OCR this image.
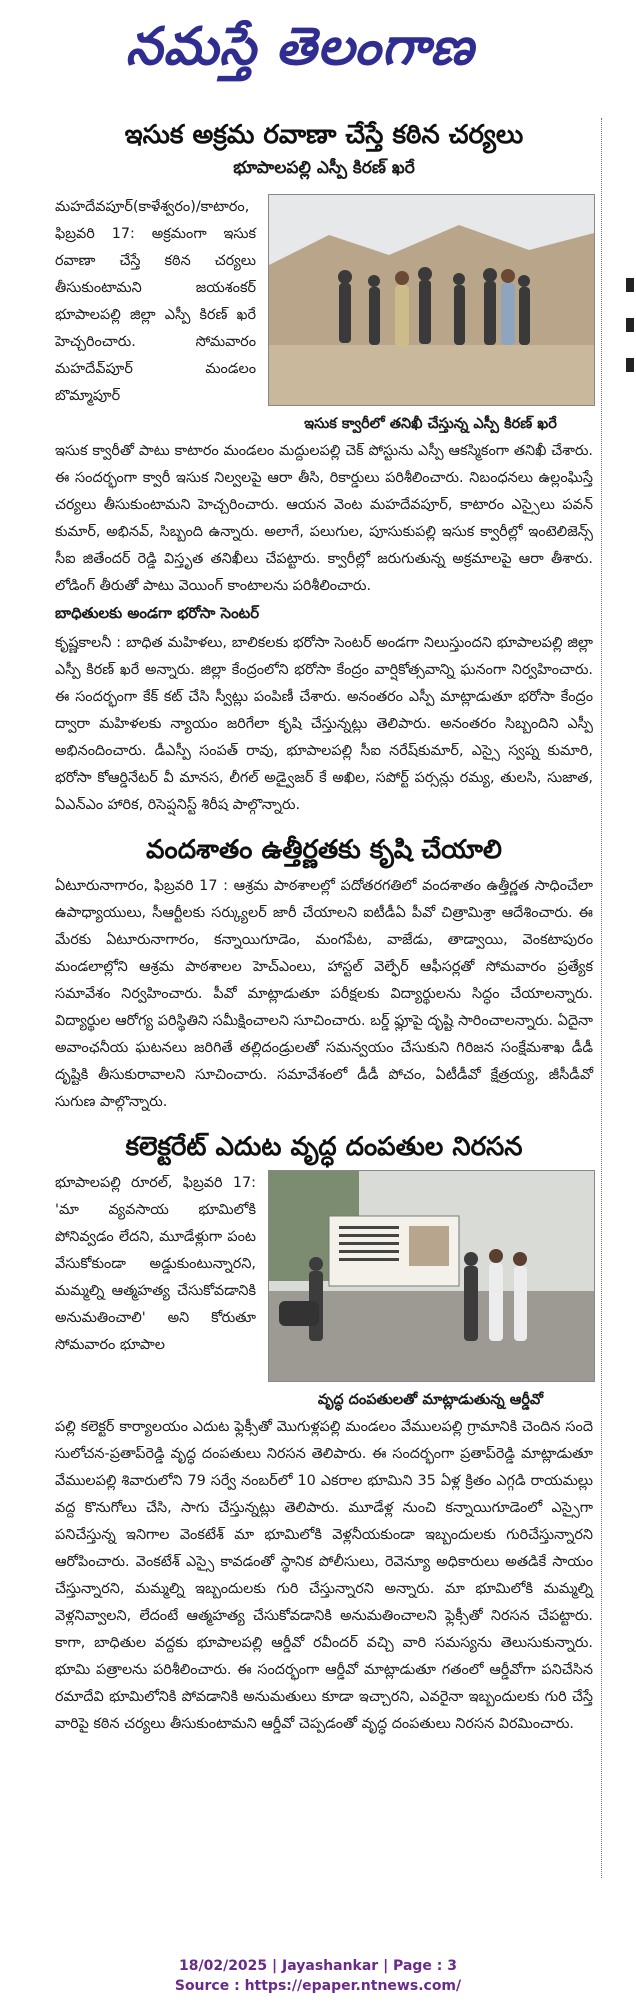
నమస్తే తెలంగాణ
ఇసుక అక్రమ రవాణా చేస్తే కఠిన చర్యలు
భూపాలపల్లి ఎస్పీ కిరణ్ ఖరే
మహదేవపూర్(కాళేశ్వరం)/కాటారం, ఫిబ్రవరి 17: అక్రమంగా ఇసుక రవాణా చేస్తే కఠిన చర్యలు తీసుకుంటామని జయశంకర్ భూపాలపల్లి జిల్లా ఎస్పీ కిరణ్ ఖరే హెచ్చరించారు. సోమవారం మహదేవ్‌పూర్ మండలం బొమ్మాపూర్
ఇసుక క్వారీలో తనిఖీ చేస్తున్న ఎస్పీ కిరణ్ ఖరే
ఇసుక క్వారీతో పాటు కాటారం మండలం మద్దులపల్లి చెక్ పోస్టును ఎస్పీ ఆకస్మికంగా తనిఖీ చేశారు. ఈ సందర్భంగా క్వారీ ఇసుక నిల్వలపై ఆరా తీసి, రికార్డులు పరిశీలించారు. నిబంధనలు ఉల్లంఘిస్తే చర్యలు తీసుకుంటామని హెచ్చరించారు. ఆయన వెంట మహదేవపూర్, కాటారం ఎస్సైలు పవన్ కుమార్, అభినవ్, సిబ్బంది ఉన్నారు. అలాగే, పలుగుల, పూసుకుపల్లి ఇసుక క్వారీల్లో ఇంటెలిజెన్స్ సీఐ జితేందర్ రెడ్డి విస్తృత తనిఖీలు చేపట్టారు. క్వారీల్లో జరుగుతున్న అక్రమాలపై ఆరా తీశారు. లోడింగ్ తీరుతో పాటు వెయింగ్ కాంటాలను పరిశీలించారు.
బాధితులకు అండగా భరోసా సెంటర్
కృష్ణకాలనీ : బాధిత మహిళలు, బాలికలకు భరోసా సెంటర్ అండగా నిలుస్తుందని భూపాలపల్లి జిల్లా ఎస్పీ కిరణ్ ఖరే అన్నారు. జిల్లా కేంద్రంలోని భరోసా కేంద్రం వార్షికోత్సవాన్ని ఘనంగా నిర్వహించారు. ఈ సందర్భంగా కేక్ కట్ చేసి స్వీట్లు పంపిణీ చేశారు. అనంతరం ఎస్పీ మాట్లాడుతూ భరోసా కేంద్రం ద్వారా మహిళలకు న్యాయం జరిగేలా కృషి చేస్తున్నట్లు తెలిపారు. అనంతరం సిబ్బందిని ఎస్పీ అభినందించారు. డీఎస్పీ సంపత్ రావు, భూపాలపల్లి సీఐ నరేష్‌కుమార్, ఎస్సై స్వప్న కుమారి, భరోసా కోఆర్డినేటర్ వీ మానస, లీగల్ అడ్వైజర్ కే అఖిల, సపోర్ట్ పర్సన్లు రమ్య, తులసి, సుజాత, ఏఎన్‌ఎం హారిక, రిసెప్షనిస్ట్ శిరీష పాల్గొన్నారు.
వందశాతం ఉత్తీర్ణతకు కృషి చేయాలి
ఏటూరునాగారం, ఫిబ్రవరి 17 : ఆశ్రమ పాఠశాలల్లో పదోతరగతిలో వందశాతం ఉత్తీర్ణత సాధించేలా ఉపాధ్యాయులు, సీఆర్టీలకు సర్క్యులర్ జారీ చేయాలని ఐటీడీఏ పీవో చిత్రామిశ్రా ఆదేశించారు. ఈ మేరకు ఏటూరునాగారం, కన్నాయిగూడెం, మంగపేట, వాజేడు, తాడ్వాయి, వెంకటాపురం మండలాల్లోని ఆశ్రమ పాఠశాలల హెచ్‌ఎంలు, హాస్టల్ వెల్ఫేర్ ఆఫీసర్లతో సోమవారం ప్రత్యేక సమావేశం నిర్వహించారు. పీవో మాట్లాడుతూ పరీక్షలకు విద్యార్థులను సిద్ధం చేయాలన్నారు. విద్యార్థుల ఆరోగ్య పరిస్థితిని సమీక్షించాలని సూచించారు. బర్డ్ ఫ్లూపై దృష్టి సారించాలన్నారు. ఏదైనా అవాంఛనీయ ఘటనలు జరిగితే తల్లిదండ్రులతో సమన్వయం చేసుకుని గిరిజన సంక్షేమశాఖ డీడీ దృష్టికి తీసుకురావాలని సూచించారు. సమావేశంలో డీడీ పోచం, ఏటీడీవో క్షేత్రయ్య, జీసీడీవో సుగుణ పాల్గొన్నారు.
కలెక్టరేట్ ఎదుట వృద్ధ దంపతుల నిరసన
భూపాలపల్లి రూరల్, ఫిబ్రవరి 17: 'మా వ్యవసాయ భూమిలోకి పోనివ్వడం లేదని, మూడేళ్లుగా పంట వేసుకోకుండా అడ్డుకుంటున్నారని, మమ్మల్ని ఆత్మహత్య చేసుకోవడానికి అనుమతించాలి' అని కోరుతూ సోమవారం భూపాల
వృద్ధ దంపతులతో మాట్లాడుతున్న ఆర్డీవో
పల్లి కలెక్టర్ కార్యాలయం ఎదుట ఫ్లెక్సీతో మొగుళ్లపల్లి మండలం వేములపల్లి గ్రామానికి చెందిన సందె సులోచన-ప్రతాప్‌రెడ్డి వృద్ధ దంపతులు నిరసన తెలిపారు. ఈ సందర్భంగా ప్రతాప్‌రెడ్డి మాట్లాడుతూ వేములపల్లి శివారులోని 79 సర్వే నంబర్‌లో 10 ఎకరాల భూమిని 35 ఏళ్ల క్రితం ఎగ్గడి రాయమల్లు వద్ద కొనుగోలు చేసి, సాగు చేస్తున్నట్లు తెలిపారు. మూడేళ్ల నుంచి కన్నాయిగూడెంలో ఎస్సైగా పనిచేస్తున్న ఇనిగాల వెంకటేశ్ మా భూమిలోకి వెళ్లనీయకుండా ఇబ్బందులకు గురిచేస్తున్నారని ఆరోపించారు. వెంకటేశ్ ఎస్సై కావడంతో స్థానిక పోలీసులు, రెవెన్యూ అధికారులు అతడికే సాయం చేస్తున్నారని, మమ్మల్ని ఇబ్బందులకు గురి చేస్తున్నారని అన్నారు. మా భూమిలోకి మమ్మల్ని వెళ్లనివ్వాలని, లేదంటే ఆత్మహత్య చేసుకోవడానికి అనుమతించాలని ఫ్లెక్సీతో నిరసన చేపట్టారు. కాగా, బాధితుల వద్దకు భూపాలపల్లి ఆర్డీవో రవీందర్ వచ్చి వారి సమస్యను తెలుసుకున్నారు. భూమి పత్రాలను పరిశీలించారు. ఈ సందర్భంగా ఆర్డీవో మాట్లాడుతూ గతంలో ఆర్డీవోగా పనిచేసిన రమాదేవి భూమిలోనికి పోవడానికి అనుమతులు కూడా ఇచ్చారని, ఎవరైనా ఇబ్బందులకు గురి చేస్తే వారిపై కఠిన చర్యలు తీసుకుంటామని ఆర్డీవో చెప్పడంతో వృద్ధ దంపతులు నిరసన విరమించారు.
18/02/2025 | Jayashankar | Page : 3
Source : https://epaper.ntnews.com/
